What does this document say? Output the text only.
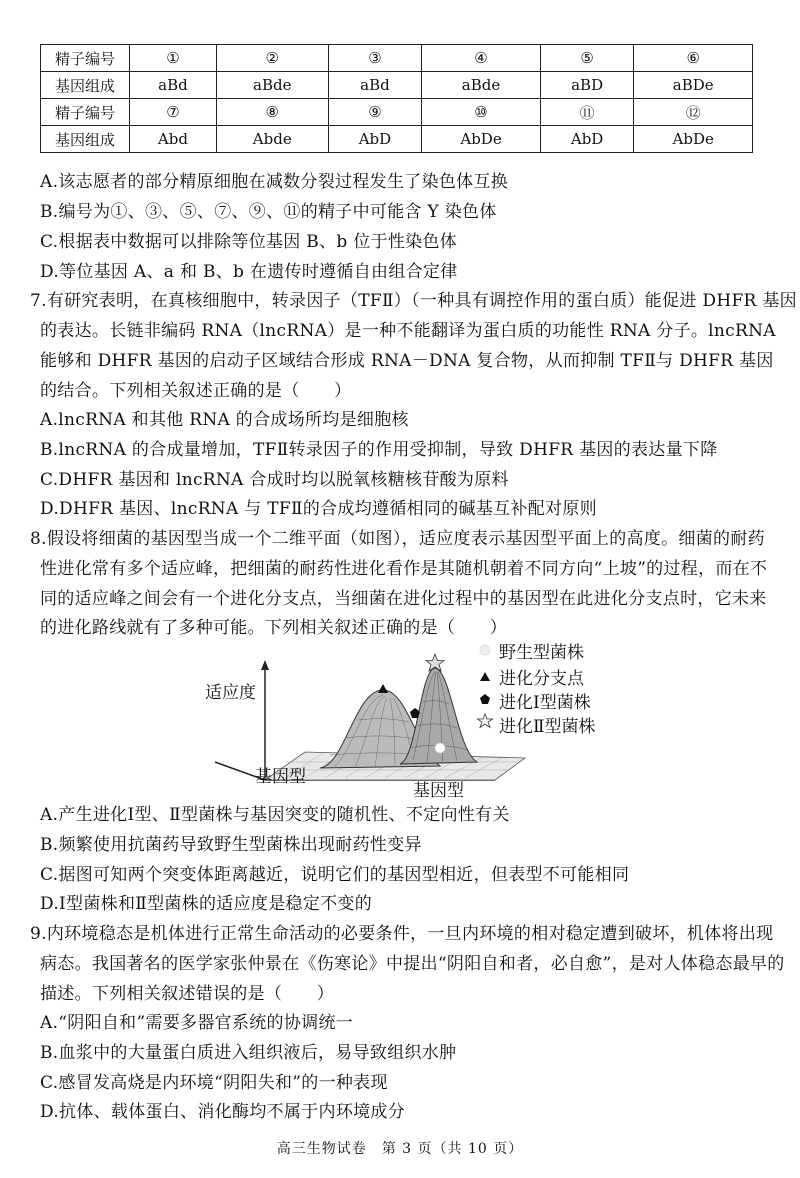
精子编号	①	②	③	④	⑤	⑥
基因组成	aBd	aBde	aBd	aBde	aBD	aBDe
精子编号	⑦	⑧	⑨	⑩	⑪	⑫
基因组成	Abd	Abde	AbD	AbDe	AbD	AbDe
A.该志愿者的部分精原细胞在减数分裂过程发生了染色体互换
B.编号为①、③、⑤、⑦、⑨、⑪的精子中可能含 Y 染色体
C.根据表中数据可以排除等位基因 B、b 位于性染色体
D.等位基因 A、a 和 B、b 在遗传时遵循自由组合定律
7.有研究表明，在真核细胞中，转录因子（TFⅡ）（一种具有调控作用的蛋白质）能促进 DHFR 基因
的表达。长链非编码 RNA（lncRNA）是一种不能翻译为蛋白质的功能性 RNA 分子。lncRNA
能够和 DHFR 基因的启动子区域结合形成 RNA－DNA 复合物，从而抑制 TFⅡ与 DHFR 基因
的结合。下列相关叙述正确的是（　　）
A.lncRNA 和其他 RNA 的合成场所均是细胞核
B.lncRNA 的合成量增加，TFⅡ转录因子的作用受抑制，导致 DHFR 基因的表达量下降
C.DHFR 基因和 lncRNA 合成时均以脱氧核糖核苷酸为原料
D.DHFR 基因、lncRNA 与 TFⅡ的合成均遵循相同的碱基互补配对原则
8.假设将细菌的基因型当成一个二维平面（如图），适应度表示基因型平面上的高度。细菌的耐药
性进化常有多个适应峰，把细菌的耐药性进化看作是其随机朝着不同方向“上坡”的过程，而在不
同的适应峰之间会有一个进化分支点，当细菌在进化过程中的基因型在此进化分支点时，它未来
的进化路线就有了多种可能。下列相关叙述正确的是（　　）
适应度
基因型
基因型
野生型菌株
进化分支点
进化Ⅰ型菌株
进化Ⅱ型菌株
A.产生进化Ⅰ型、Ⅱ型菌株与基因突变的随机性、不定向性有关
B.频繁使用抗菌药导致野生型菌株出现耐药性变异
C.据图可知两个突变体距离越近，说明它们的基因型相近，但表型不可能相同
D.Ⅰ型菌株和Ⅱ型菌株的适应度是稳定不变的
9.内环境稳态是机体进行正常生命活动的必要条件，一旦内环境的相对稳定遭到破坏，机体将出现
病态。我国著名的医学家张仲景在《伤寒论》中提出“阴阳自和者，必自愈”，是对人体稳态最早的
描述。下列相关叙述错误的是（　　）
A.“阴阳自和”需要多器官系统的协调统一
B.血浆中的大量蛋白质进入组织液后，易导致组织水肿
C.感冒发高烧是内环境“阴阳失和”的一种表现
D.抗体、载体蛋白、消化酶均不属于内环境成分
高三生物试卷　第 3 页（共 10 页）
